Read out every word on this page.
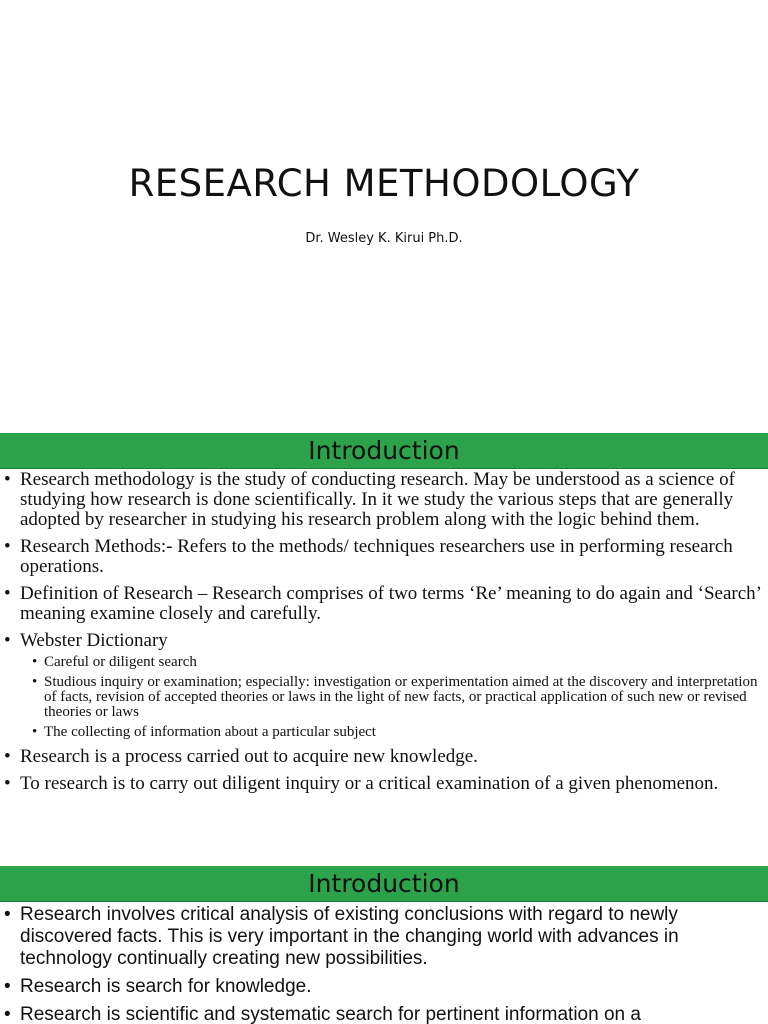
RESEARCH METHODOLOGY
Dr. Wesley K. Kirui Ph.D.
Introduction
• Research methodology is the study of conducting research. May be understood as a science of studying how research is done scientifically. In it we study the various steps that are generally adopted by researcher in studying his research problem along with the logic behind them.
• Research Methods:- Refers to the methods/ techniques researchers use in performing research operations.
• Definition of Research – Research comprises of two terms ‘Re’ meaning to do again and ‘Search’ meaning examine closely and carefully.
• Webster Dictionary
• Careful or diligent search
• Studious inquiry or examination; especially: investigation or experimentation aimed at the discovery and interpretation of facts, revision of accepted theories or laws in the light of new facts, or practical application of such new or revised theories or laws
• The collecting of information about a particular subject
• Research is a process carried out to acquire new knowledge.
• To research is to carry out diligent inquiry or a critical examination of a given phenomenon.
Introduction
• Research involves critical analysis of existing conclusions with regard to newly discovered facts. This is very important in the changing world with advances in technology continually creating new possibilities.
• Research is search for knowledge.
• Research is scientific and systematic search for pertinent information on a
